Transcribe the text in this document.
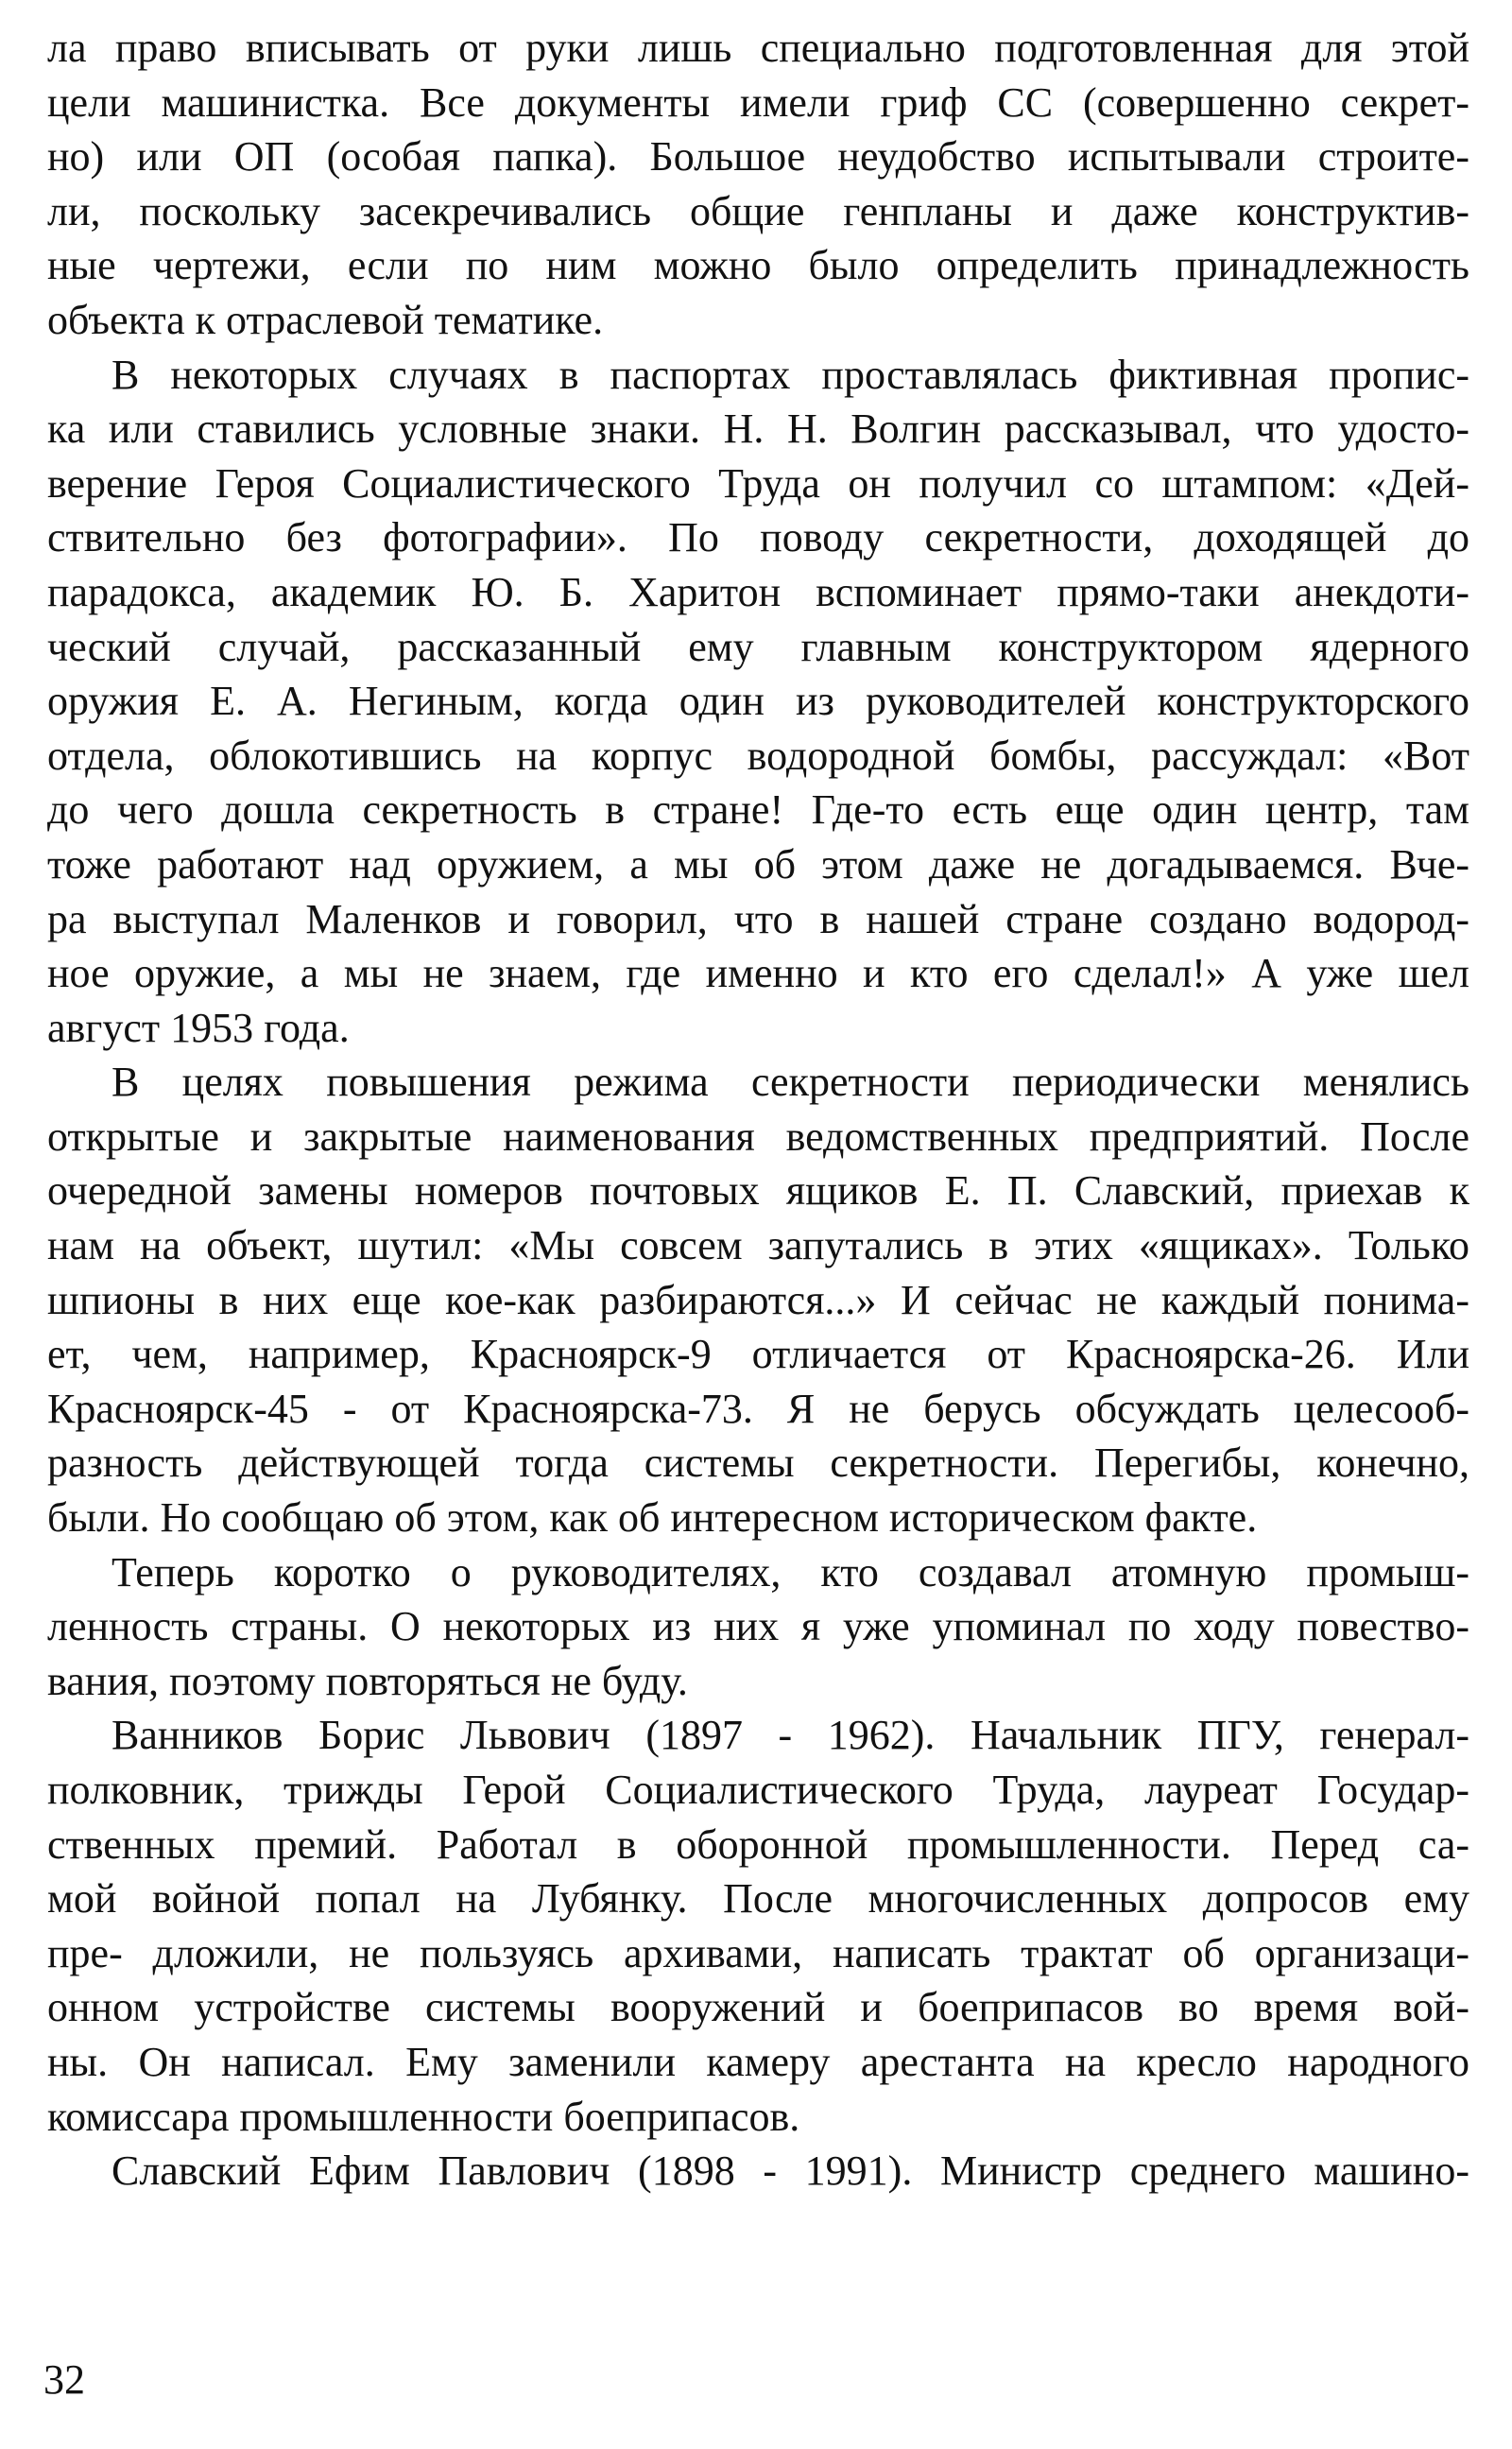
ла право вписывать от руки лишь специально подготовленная для этой
цели машинистка. Все документы имели гриф СС (совершенно секрет-
но) или ОП (особая папка). Большое неудобство испытывали строите-
ли, поскольку засекречивались общие генпланы и даже конструктив-
ные чертежи, если по ним можно было определить принадлежность
объекта к отраслевой тематике.
В некоторых случаях в паспортах проставлялась фиктивная пропис-
ка или ставились условные знаки. Н. Н. Волгин рассказывал, что удосто-
верение Героя Социалистического Труда он получил со штампом: «Дей-
ствительно без фотографии». По поводу секретности, доходящей до
парадокса, академик Ю. Б. Харитон вспоминает прямо-таки анекдоти-
ческий случай, рассказанный ему главным конструктором ядерного
оружия Е. А. Негиным, когда один из руководителей конструкторского
отдела, облокотившись на корпус водородной бомбы, рассуждал: «Вот
до чего дошла секретность в стране! Где-то есть еще один центр, там
тоже работают над оружием, а мы об этом даже не догадываемся. Вче-
ра выступал Маленков и говорил, что в нашей стране создано водород-
ное оружие, а мы не знаем, где именно и кто его сделал!» А уже шел
август 1953 года.
В целях повышения режима секретности периодически менялись
открытые и закрытые наименования ведомственных предприятий. После
очередной замены номеров почтовых ящиков Е. П. Славский, приехав к
нам на объект, шутил: «Мы совсем запутались в этих «ящиках». Только
шпионы в них еще кое-как разбираются...» И сейчас не каждый понима-
ет, чем, например, Красноярск-9 отличается от Красноярска-26. Или
Красноярск-45 - от Красноярска-73. Я не берусь обсуждать целесооб-
разность действующей тогда системы секретности. Перегибы, конечно,
были. Но сообщаю об этом, как об интересном историческом факте.
Теперь коротко о руководителях, кто создавал атомную промыш-
ленность страны. О некоторых из них я уже упоминал по ходу повество-
вания, поэтому повторяться не буду.
Ванников Борис Львович (1897 - 1962). Начальник ПГУ, генерал-
полковник, трижды Герой Социалистического Труда, лауреат Государ-
ственных премий. Работал в оборонной промышленности. Перед са-
мой войной попал на Лубянку. После многочисленных допросов ему
пре- дложили, не пользуясь архивами, написать трактат об организаци-
онном устройстве системы вооружений и боеприпасов во время вой-
ны. Он написал. Ему заменили камеру арестанта на кресло народного
комиссара промышленности боеприпасов.
Славский Ефим Павлович (1898 - 1991). Министр среднего машино-
32
